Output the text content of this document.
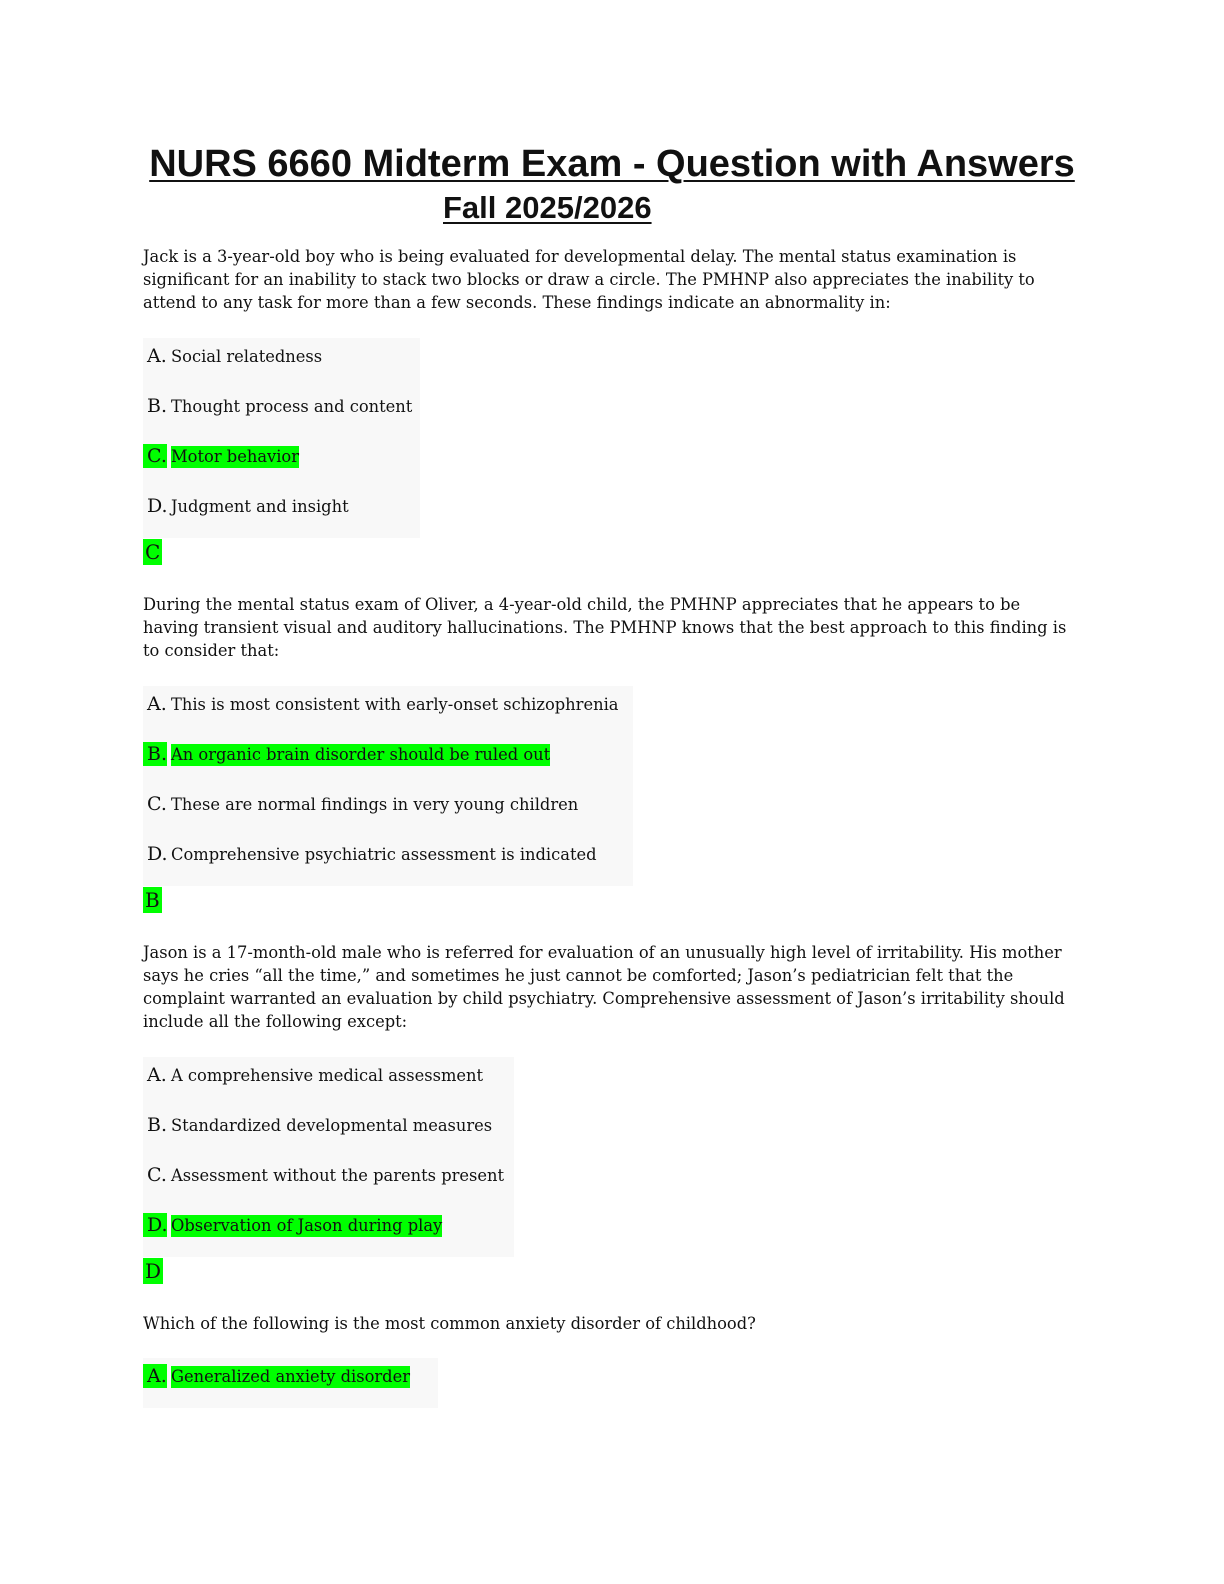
NURS 6660 Midterm Exam - Question with Answers
Fall 2025/2026

Jack is a 3-year-old boy who is being evaluated for developmental delay. The mental status examination is significant for an inability to stack two blocks or draw a circle. The PMHNP also appreciates the inability to attend to any task for more than a few seconds. These findings indicate an abnormality in:

A. Social relatedness
B. Thought process and content
C. Motor behavior
D. Judgment and insight
C

During the mental status exam of Oliver, a 4-year-old child, the PMHNP appreciates that he appears to be having transient visual and auditory hallucinations. The PMHNP knows that the best approach to this finding is to consider that:

A. This is most consistent with early-onset schizophrenia
B. An organic brain disorder should be ruled out
C. These are normal findings in very young children
D. Comprehensive psychiatric assessment is indicated
B

Jason is a 17-month-old male who is referred for evaluation of an unusually high level of irritability. His mother says he cries “all the time,” and sometimes he just cannot be comforted; Jason’s pediatrician felt that the complaint warranted an evaluation by child psychiatry. Comprehensive assessment of Jason’s irritability should include all the following except:

A. A comprehensive medical assessment
B. Standardized developmental measures
C. Assessment without the parents present
D. Observation of Jason during play
D

Which of the following is the most common anxiety disorder of childhood?

A. Generalized anxiety disorder
